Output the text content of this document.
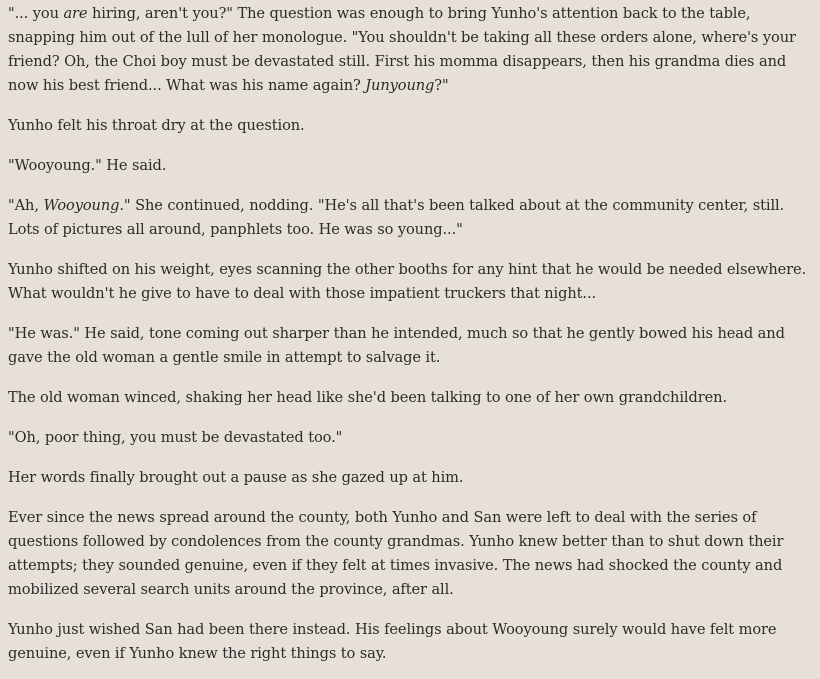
"... you are hiring, aren't you?" The question was enough to bring Yunho's attention back to the table, snapping him out of the lull of her monologue. "You shouldn't be taking all these orders alone, where's your friend? Oh, the Choi boy must be devastated still. First his momma disappears, then his grandma dies and now his best friend... What was his name again? Junyoung?"

Yunho felt his throat dry at the question.

"Wooyoung." He said.

"Ah, Wooyoung." She continued, nodding. "He's all that's been talked about at the community center, still. Lots of pictures all around, panphlets too. He was so young..."

Yunho shifted on his weight, eyes scanning the other booths for any hint that he would be needed elsewhere. What wouldn't he give to have to deal with those impatient truckers that night...

"He was." He said, tone coming out sharper than he intended, much so that he gently bowed his head and gave the old woman a gentle smile in attempt to salvage it.

The old woman winced, shaking her head like she'd been talking to one of her own grandchildren.

"Oh, poor thing, you must be devastated too."

Her words finally brought out a pause as she gazed up at him.

Ever since the news spread around the county, both Yunho and San were left to deal with the series of questions followed by condolences from the county grandmas. Yunho knew better than to shut down their attempts; they sounded genuine, even if they felt at times invasive. The news had shocked the county and mobilized several search units around the province, after all.

Yunho just wished San had been there instead. His feelings about Wooyoung surely would have felt more genuine, even if Yunho knew the right things to say.
